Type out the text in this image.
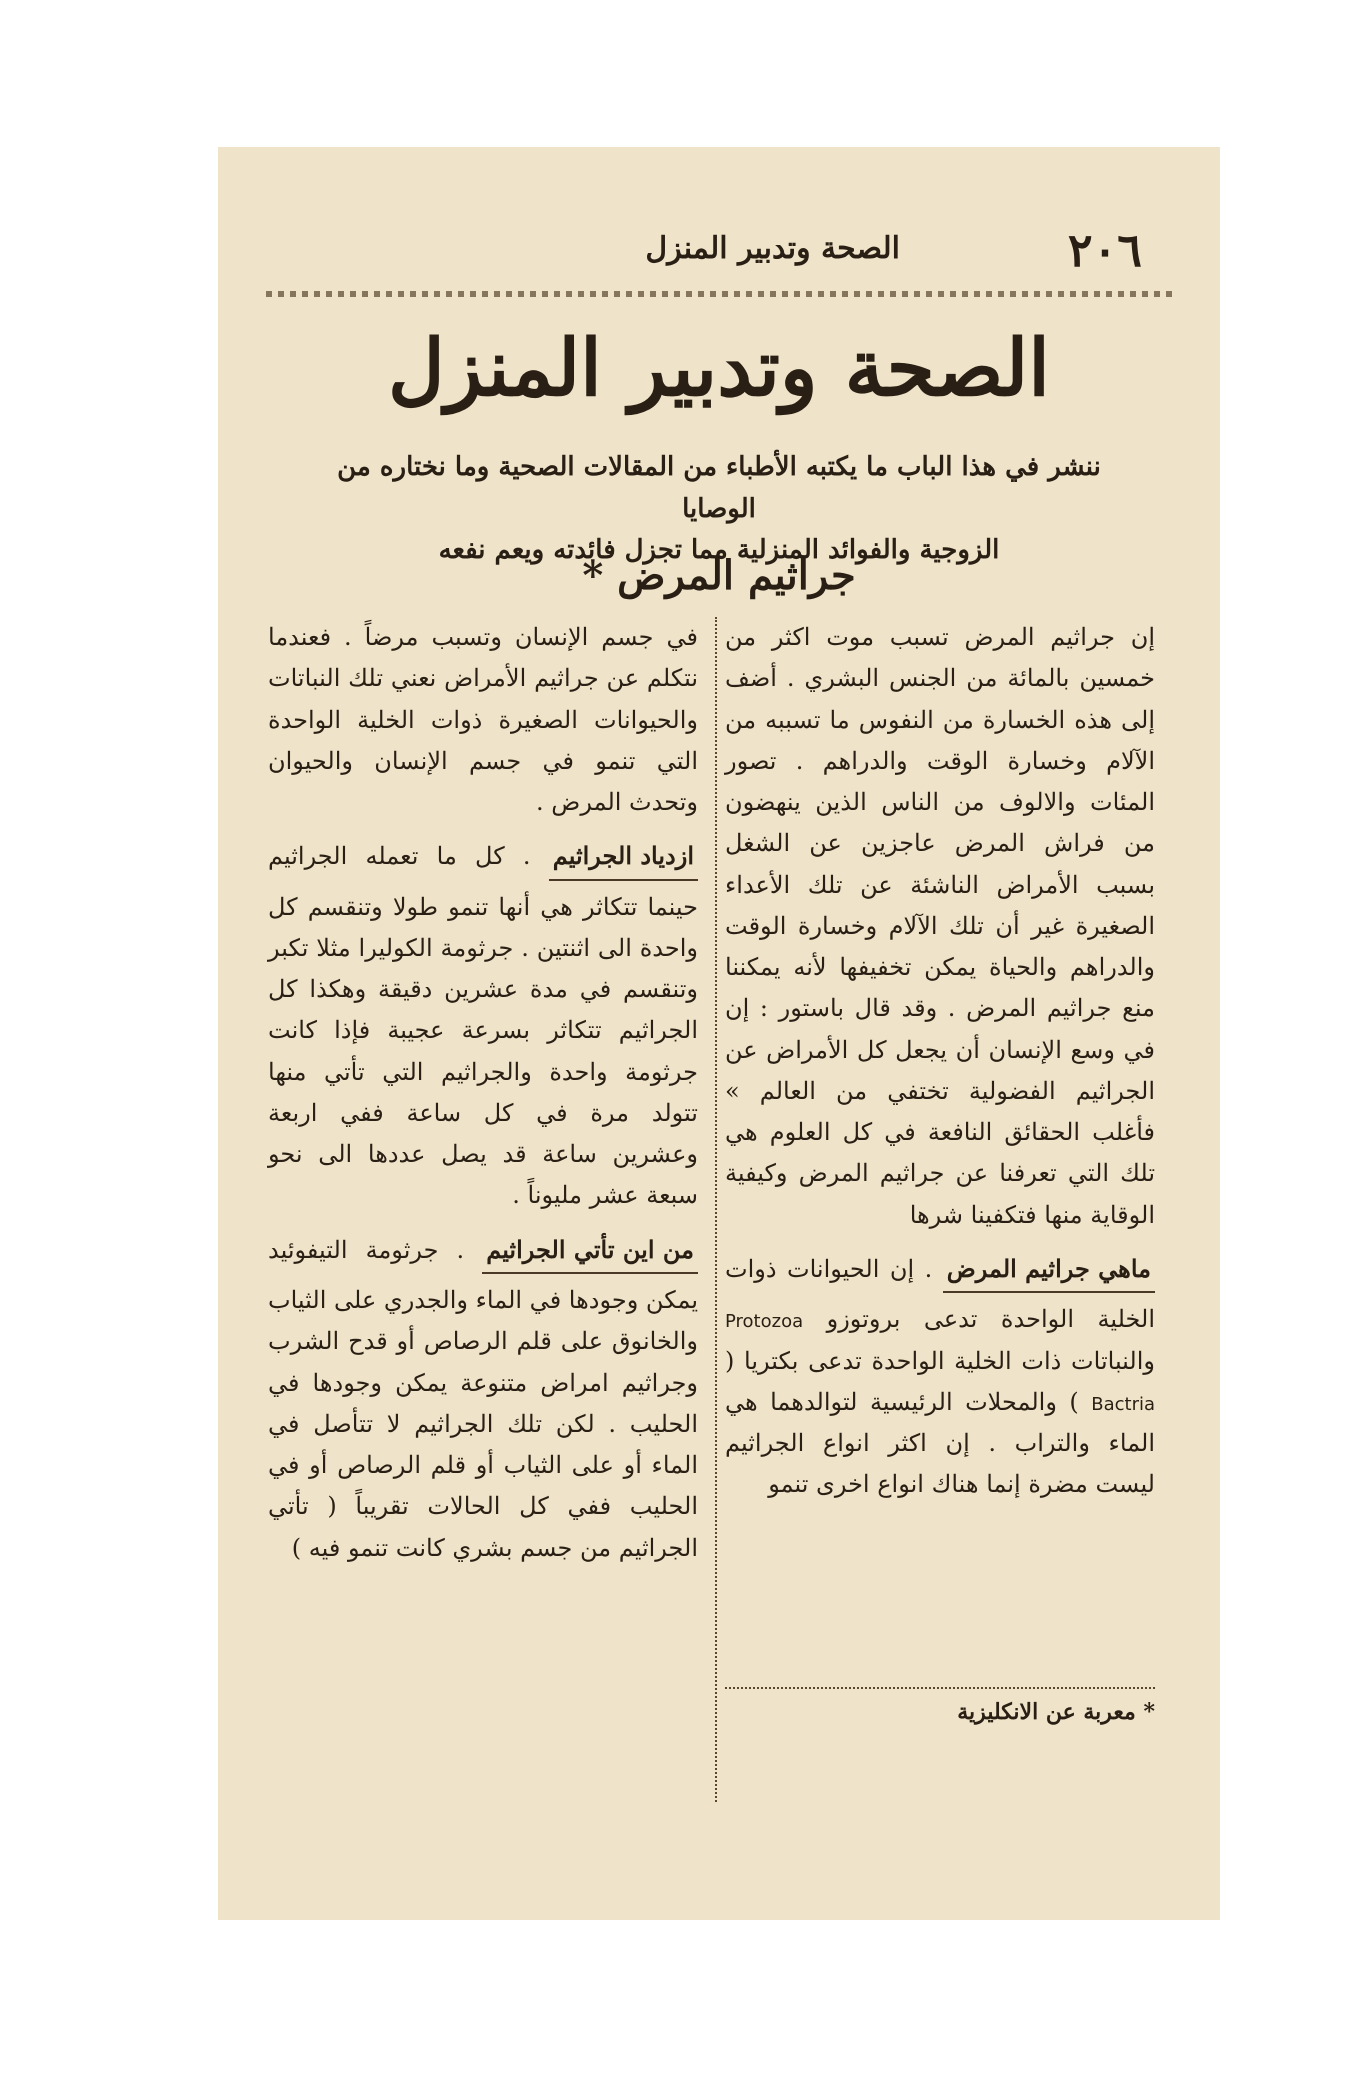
٢٠٦
الصحة وتدبير المنزل
الصحة وتدبير المنزل
ننشر في هذا الباب ما يكتبه الأطباء من المقالات الصحية وما نختاره من الوصايا
الزوجية والفوائد المنزلية مما تجزل فائدته ويعم نفعه
جراثيم المرض *

إن جراثيم المرض تسبب موت اكثر من خمسين بالمائة من الجنس البشري . أضف إلى هذه الخسارة من النفوس ما تسببه من الآلام وخسارة الوقت والدراهم . تصور المئات والالوف من الناس الذين ينهضون من فراش المرض عاجزين عن الشغل بسبب الأمراض الناشئة عن تلك الأعداء الصغيرة غير أن تلك الآلام وخسارة الوقت والدراهم والحياة يمكن تخفيفها لأنه يمكننا منع جراثيم المرض . وقد قال باستور : إن في وسع الإنسان أن يجعل كل الأمراض عن الجراثيم الفضولية تختفي من العالم » فأغلب الحقائق النافعة في كل العلوم هي تلك التي تعرفنا عن جراثيم المرض وكيفية الوقاية منها فتكفينا شرها

ماهي جراثيم المرض . إن الحيوانات ذوات الخلية الواحدة تدعى بروتوزو Protozoa والنباتات ذات الخلية الواحدة تدعى بكتريا ( Bactria ) والمحلات الرئيسية لتوالدهما هي الماء والتراب . إن اكثر انواع الجراثيم ليست مضرة إنما هناك انواع اخرى تنمو

في جسم الإنسان وتسبب مرضاً . فعندما نتكلم عن جراثيم الأمراض نعني تلك النباتات والحيوانات الصغيرة ذوات الخلية الواحدة التي تنمو في جسم الإنسان والحيوان وتحدث المرض .

ازدياد الجراثيم . كل ما تعمله الجراثيم حينما تتكاثر هي أنها تنمو طولا وتنقسم كل واحدة الى اثنتين . جرثومة الكوليرا مثلا تكبر وتنقسم في مدة عشرين دقيقة وهكذا كل الجراثيم تتكاثر بسرعة عجيبة فإذا كانت جرثومة واحدة والجراثيم التي تأتي منها تتولد مرة في كل ساعة ففي اربعة وعشرين ساعة قد يصل عددها الى نحو سبعة عشر مليوناً .

من اين تأتي الجراثيم . جرثومة التيفوئيد يمكن وجودها في الماء والجدري على الثياب والخانوق على قلم الرصاص أو قدح الشرب وجراثيم امراض متنوعة يمكن وجودها في الحليب . لكن تلك الجراثيم لا تتأصل في الماء أو على الثياب أو قلم الرصاص أو في الحليب ففي كل الحالات تقريباً ( تأتي الجراثيم من جسم بشري كانت تنمو فيه )

* معربة عن الانكليزية
